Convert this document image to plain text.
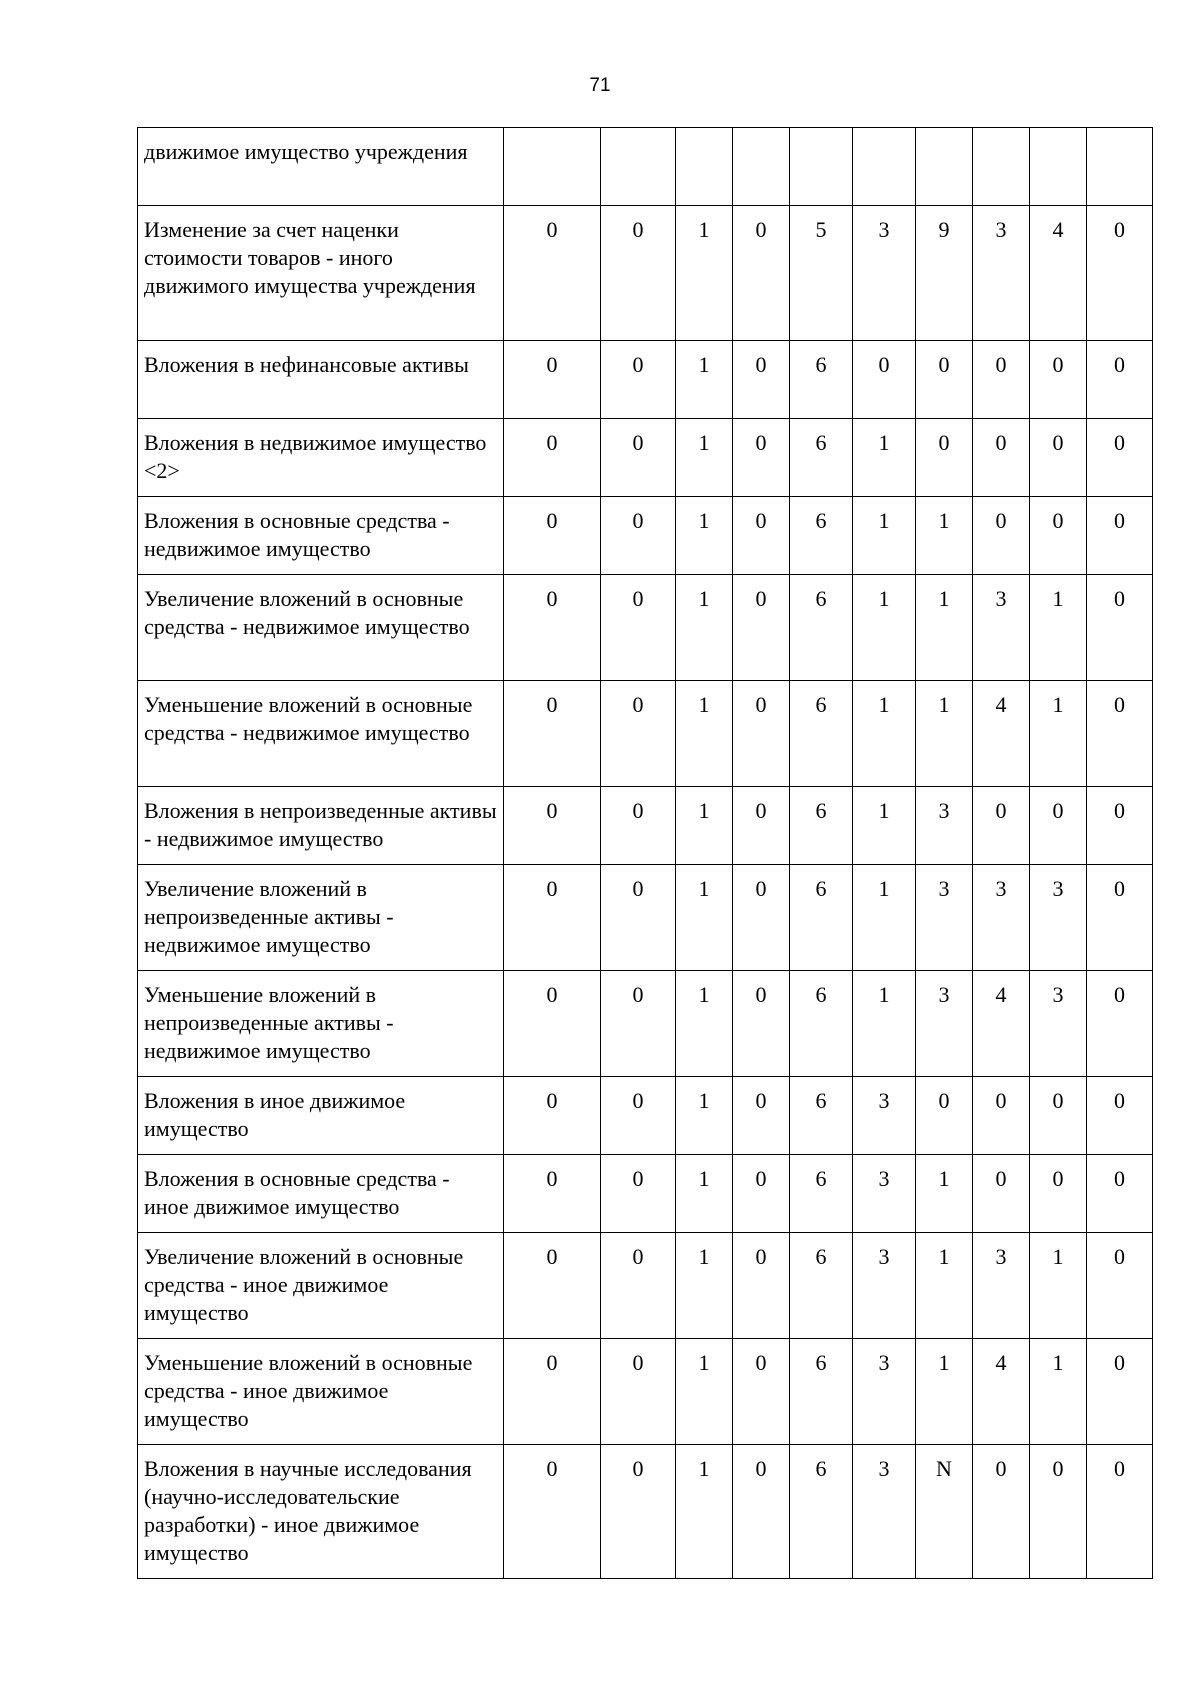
71
движимое имущество учреждения										
Изменение за счет наценки стоимости товаров - иного движимого имущества учреждения	0	0	1	0	5	3	9	3	4	0
Вложения в нефинансовые активы	0	0	1	0	6	0	0	0	0	0
Вложения в недвижимое имущество <2>	0	0	1	0	6	1	0	0	0	0
Вложения в основные средства - недвижимое имущество	0	0	1	0	6	1	1	0	0	0
Увеличение вложений в основные средства - недвижимое имущество	0	0	1	0	6	1	1	3	1	0
Уменьшение вложений в основные средства - недвижимое имущество	0	0	1	0	6	1	1	4	1	0
Вложения в непроизведенные активы - недвижимое имущество	0	0	1	0	6	1	3	0	0	0
Увеличение вложений в непроизведенные активы - недвижимое имущество	0	0	1	0	6	1	3	3	3	0
Уменьшение вложений в непроизведенные активы - недвижимое имущество	0	0	1	0	6	1	3	4	3	0
Вложения в иное движимое имущество	0	0	1	0	6	3	0	0	0	0
Вложения в основные средства - иное движимое имущество	0	0	1	0	6	3	1	0	0	0
Увеличение вложений в основные средства - иное движимое имущество	0	0	1	0	6	3	1	3	1	0
Уменьшение вложений в основные средства - иное движимое имущество	0	0	1	0	6	3	1	4	1	0
Вложения в научные исследования (научно-исследовательские разработки) - иное движимое имущество	0	0	1	0	6	3	N	0	0	0
